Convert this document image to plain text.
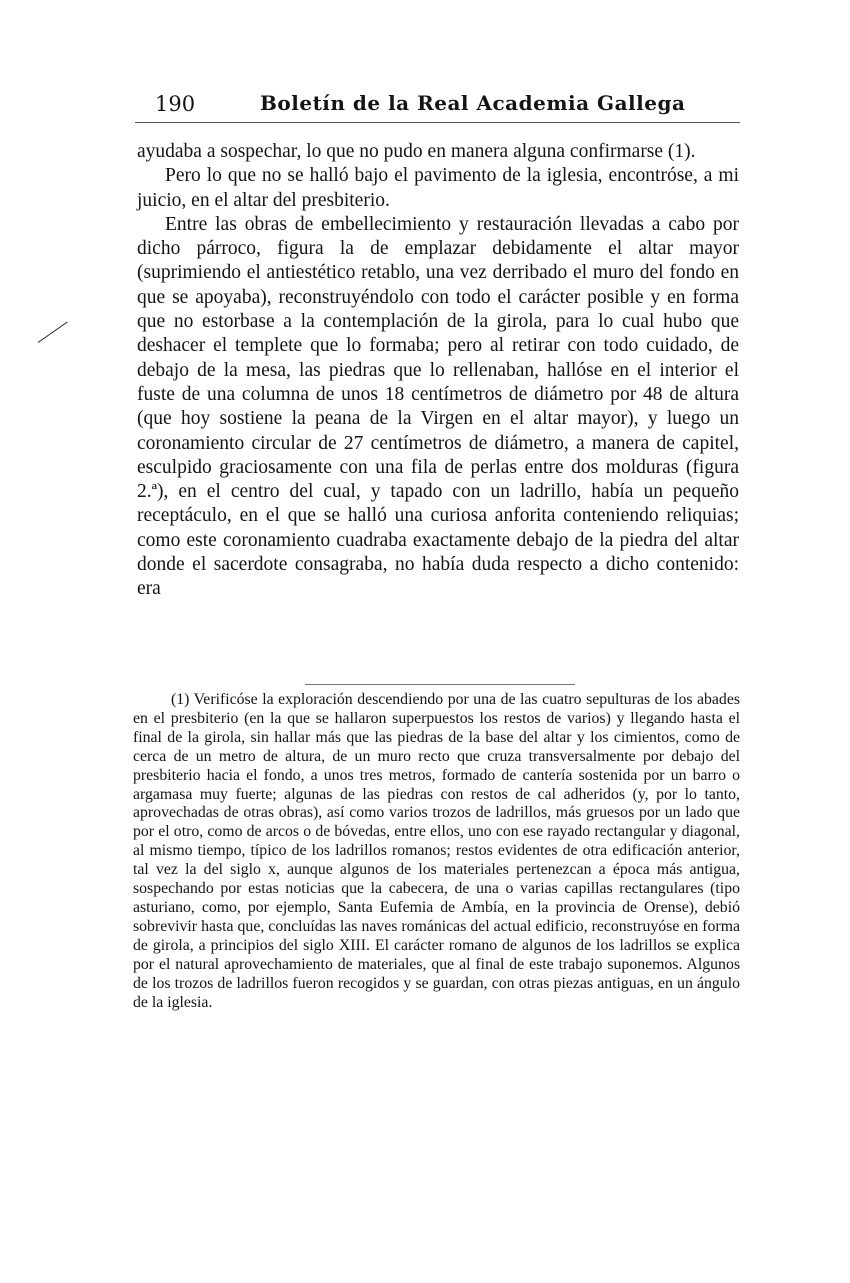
190	Boletín de la Real Academia Gallega

ayudaba a sospechar, lo que no pudo en manera alguna confirmarse (1).

Pero lo que no se halló bajo el pavimento de la iglesia, encontróse, a mi juicio, en el altar del presbiterio.

Entre las obras de embellecimiento y restauración llevadas a cabo por dicho párroco, figura la de emplazar debidamente el altar mayor (suprimiendo el antiestético retablo, una vez derribado el muro del fondo en que se apoyaba), reconstruyéndolo con todo el carácter posible y en forma que no estorbase a la contemplación de la girola, para lo cual hubo que deshacer el templete que lo formaba; pero al retirar con todo cuidado, de debajo de la mesa, las piedras que lo rellenaban, hallóse en el interior el fuste de una columna de unos 18 centímetros de diámetro por 48 de altura (que hoy sostiene la peana de la Virgen en el altar mayor), y luego un coronamiento circular de 27 centímetros de diámetro, a manera de capitel, esculpido graciosamente con una fila de perlas entre dos molduras (figura 2.ª), en el centro del cual, y tapado con un ladrillo, había un pequeño receptáculo, en el que se halló una curiosa anforita conteniendo reliquias; como este coronamiento cuadraba exactamente debajo de la piedra del altar donde el sacerdote consagraba, no había duda respecto a dicho contenido: era

(1) Verificóse la exploración descendiendo por una de las cuatro sepulturas de los abades en el presbiterio (en la que se hallaron superpuestos los restos de varios) y llegando hasta el final de la girola, sin hallar más que las piedras de la base del altar y los cimientos, como de cerca de un metro de altura, de un muro recto que cruza transversalmente por debajo del presbiterio hacia el fondo, a unos tres metros, formado de cantería sostenida por un barro o argamasa muy fuerte; algunas de las piedras con restos de cal adheridos (y, por lo tanto, aprovechadas de otras obras), así como varios trozos de ladrillos, más gruesos por un lado que por el otro, como de arcos o de bóvedas, entre ellos, uno con ese rayado rectangular y diagonal, al mismo tiempo, típico de los ladrillos romanos; restos evidentes de otra edificación anterior, tal vez la del siglo x, aunque algunos de los materiales pertenezcan a época más antigua, sospechando por estas noticias que la cabecera, de una o varias capillas rectangulares (tipo asturiano, como, por ejemplo, Santa Eufemia de Ambía, en la provincia de Orense), debió sobrevivir hasta que, concluídas las naves románicas del actual edificio, reconstruyóse en forma de girola, a principios del siglo XIII. El carácter romano de algunos de los ladrillos se explica por el natural aprovechamiento de materiales, que al final de este trabajo suponemos. Algunos de los trozos de ladrillos fueron recogidos y se guardan, con otras piezas antiguas, en un ángulo de la iglesia.
